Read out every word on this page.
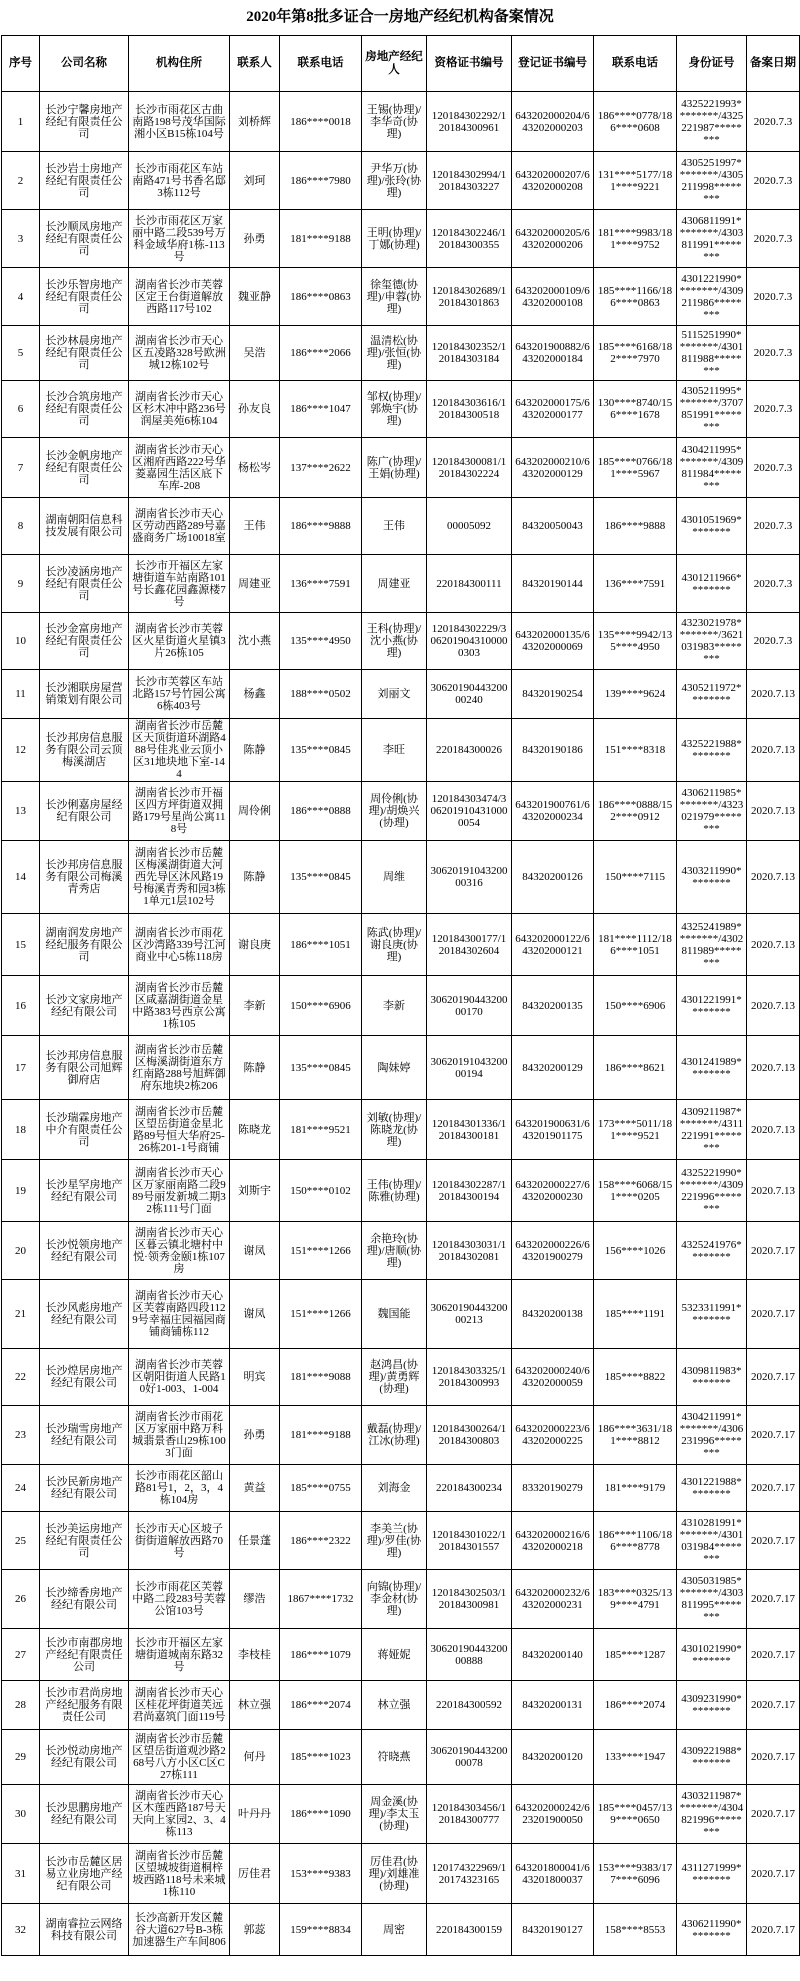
2020年第8批多证合一房地产经纪机构备案情况
序号	公司名称	机构住所	联系人	联系电话	房地产经纪人	资格证书编号	登记证书编号	联系电话	身份证号	备案日期
1	长沙宁馨房地产经纪有限责任公司	长沙市雨花区古曲南路198号茂华国际湘小区B15栋104号	刘桥辉	186****0018	王锡(协理)/李华奇(协理)	120184302292/120184300961	643202000204/643202000203	186****0778/186****0608	4325221993********/4325221987********	2020.7.3
2	长沙岩士房地产经纪有限责任公司	长沙市雨花区车站南路471号书香名邸3栋112号	刘珂	186****7980	尹华万(协理)/张玲(协理)	120184302994/120184303227	643202000207/643202000208	131****5177/181****9221	4305251997********/4305211998********	2020.7.3
3	长沙顺凤房地产经纪有限责任公司	长沙市雨花区万家丽中路二段539号万科金域华府1栋-113号	孙勇	181****9188	王明(协理)/丁娜(协理)	120184302246/120184300355	643202000205/643202000206	181****9983/181****9752	4306811991********/4303811991********	2020.7.3
4	长沙乐智房地产经纪有限责任公司	湖南省长沙市芙蓉区定王台街道解放西路117号102	魏亚静	186****0863	徐玺德(协理)/申蓉(协理)	120184302689/120184301863	643202000109/643202000108	185****1166/186****0863	4301221990********/4309211986********	2020.7.3
5	长沙林晨房地产经纪有限责任公司	湖南省长沙市天心区五凌路328号欧洲城12栋102号	吴浩	186****2066	温清松(协理)/张恒(协理)	120184302352/120184303184	643201900882/643202000184	185****6168/182****7970	5115251990********/4301811988********	2020.7.3
6	长沙合筑房地产经纪有限责任公司	湖南省长沙市天心区杉木冲中路236号润屋美苑6栋104	孙友良	186****1047	邹权(协理)/郭焕宇(协理)	120184303616/120184300518	643202000175/643202000177	130****8740/156****1678	4305211995********/3707851991********	2020.7.3
7	长沙金帆房地产经纪有限责任公司	湖南省长沙市天心区湘府西路222号华菱嘉园生活区底下车库-208	杨松岑	137****2622	陈广(协理)/王娟(协理)	120184300081/120184302224	643202000210/643202000129	185****0766/181****5967	4304211995********/4309811984********	2020.7.3
8	湖南朝阳信息科技发展有限公司	湖南省长沙市天心区劳动西路289号嘉盛商务广场10018室	王伟	186****9888	王伟	00005092	84320050043	186****9888	4301051969********	2020.7.3
9	长沙凌涵房地产经纪有限责任公司	长沙市开福区左家塘街道车站南路101号长鑫花园鑫源楼7号	周建亚	136****7591	周建亚	220184300111	84320190144	136****7591	4301211966********	2020.7.3
10	长沙金富房地产经纪有限责任公司	湖南省长沙市芙蓉区火星街道火星镇3片26栋105	沈小燕	135****4950	王科(协理)/沈小燕(协理)	120184302229/3062019043100000303	643202000135/643202000069	135****9942/135****4950	4323021978********/3621031983********	2020.7.3
11	长沙湘联房屋营销策划有限公司	长沙市芙蓉区车站北路157号竹园公寓6栋403号	杨鑫	188****0502	刘丽文	3062019044320000240	84320190254	139****9624	4305211972********	2020.7.13
12	长沙邦房信息服务有限公司云顶梅溪湖店	湖南省长沙市岳麓区天顶街道环湖路488号佳兆业云顶小区31地块地下室-144	陈静	135****0845	李旺	220184300026	84320190186	151****8318	4325221988********	2020.7.13
13	长沙俐嘉房屋经纪有限公司	湖南省长沙市开福区四方坪街道双拥路179号星尚公寓118号	周伶俐	186****0888	周伶俐(协理)/胡焕兴(协理)	120184303474/3062019104310000054	643201900761/643202000234	186****0888/152****0912	4306211985********/4323021979********	2020.7.13
14	长沙邦房信息服务有限公司梅溪青秀店	湖南省长沙市岳麓区梅溪湖街道大河西先导区沐风路19号梅溪青秀和园3栋1单元1层102号	陈静	135****0845	周维	3062019104320000316	84320200126	150****7115	4303211990********	2020.7.13
15	湖南润发房地产经纪服务有限公司	湖南省长沙市雨花区沙湾路339号江河商业中心5栋118房	谢良庚	186****1051	陈武(协理)/谢良庚(协理)	120184300177/120184302604	643202000122/643202000121	181****1112/186****1051	4325241989********/4302811989********	2020.7.13
16	长沙文家房地产经纪有限公司	湖南省长沙市岳麓区咸嘉湖街道金星中路383号西京公寓1栋105	李新	150****6906	李新	3062019044320000170	84320200135	150****6906	4301221991********	2020.7.13
17	长沙邦房信息服务有限公司旭辉御府店	湖南省长沙市岳麓区梅溪湖街道东方红南路288号旭辉御府东地块2栋206	陈静	135****0845	陶妹婷	3062019104320000194	84320200129	186****8621	4301241989********	2020.7.13
18	长沙瑞霖房地产中介有限责任公司	湖南省长沙市岳麓区望岳街道金星北路89号恒大华府25-26栋201-1号商铺	陈晓龙	181****9521	刘敏(协理)/陈晓龙(协理)	120184301336/120184300181	643201900631/643201901175	173****5011/181****9521	4309211987********/4311221991********	2020.7.13
19	长沙星罕房地产经纪有限公司	湖南省长沙市天心区万家丽南路二段989号丽发新城二期32栋111号门面	刘斯宇	150****0102	王伟(协理)/陈雅(协理)	120184302287/120184300194	643202000227/643202000230	158****6068/151****0205	4325221990********/4309221996********	2020.7.13
20	长沙悦领房地产经纪有限公司	湖南省长沙市天心区暮云镇北塘村中悦·领秀金颐1栋107房	谢凤	151****1266	余艳玲(协理)/唐顺(协理)	120184303031/120184302081	643202000226/643201900279	156****1026	4325241976********	2020.7.17
21	长沙风彪房地产经纪有限公司	湖南省长沙市天心区芙蓉南路四段1129号幸福庄园福园商铺商铺栋112	谢凤	151****1266	魏国能	3062019044320000213	84320200138	185****1191	5323311991********	2020.7.17
22	长沙煌居房地产经纪有限公司	湖南省长沙市芙蓉区朝阳街道人民路10好1-003、1-004	明宾	181****9088	赵鸿昌(协理)/黄勇辉(协理)	120184303325/120184300993	643202000240/643202000059	185****8822	4309811983********	2020.7.17
23	长沙瑞雪房地产经纪有限公司	湖南省长沙市雨花区万家丽中路万科城翡景香山29栋1003门面	孙勇	181****9188	戴磊(协理)/江冰(协理)	120184300264/120184300803	643202000223/643202000225	186****3631/181****8812	4304211991********/4306231996********	2020.7.17
24	长沙民新房地产经纪有限公司	长沙市雨花区韶山路81号1，2，3，4栋104房	黄益	185****0755	刘海金	220184300234	83320190279	181****9179	4301221988********	2020.7.17
25	长沙美运房地产经纪有限责任公司	长沙市天心区坡子街街道解放西路70号	任景蓬	186****2322	李美兰(协理)/罗佳(协理)	120184301022/120184301557	643202000216/643202000218	186****1106/186****8778	4310281991********/4301031984********	2020.7.17
26	长沙缔香房地产经纪有限公司	长沙市雨花区芙蓉中路二段283号芙蓉公馆103号	缪浩	1867****1732	向锦(协理)/李金材(协理)	120184302503/120184300981	643202000232/643202000231	183****0325/139****4791	4305031985********/4303811995********	2020.7.17
27	长沙市南郡房地产经纪有限责任公司	长沙市开福区左家塘街道城南东路32号	李枝桂	186****1079	蒋娅妮	3062019044320000888	84320200140	185****1287	4301021990********	2020.7.17
28	长沙市君尚房地产经纪服务有限责任公司	湖南省长沙市天心区桂花坪街道芙远君尚嘉筑门面119号	林立强	186****2074	林立强	220184300592	84320200131	186****2074	4309231990********	2020.7.17
29	长沙悦动房地产经纪有限公司	湖南省长沙市岳麓区望岳街道观沙路268号八方小区C区C27栋111	何丹	185****1023	符晓燕	3062019044320000078	84320200120	133****1947	4309221988********	2020.7.17
30	长沙思鹏房地产经纪有限公司	湖南省长沙市天心区木莲西路187号天天向上家园2、3、4栋113	叶丹丹	186****1090	周金溪(协理)/李太玉(协理)	120184303456/120184300777	643202000242/623201900050	185****0457/139****0650	4303211987********/4304821996********	2020.7.17
31	长沙市岳麓区居易立业房地产经纪有限公司	湖南省长沙市岳麓区望城坡街道桐梓坡西路118号未来城1栋110	厉佳君	153****9383	厉佳君(协理)/刘雄准(协理)	120174322969/120174323165	643201800041/643201800037	153****9383/177****6096	4311271999********	2020.7.17
32	湖南睿拉云网络科技有限公司	长沙高新开发区麓谷大道627号B-3栋加速器生产车间806	郭蕊	159****8834	周密	220184300159	84320190127	158****8553	4306211990********	2020.7.17
